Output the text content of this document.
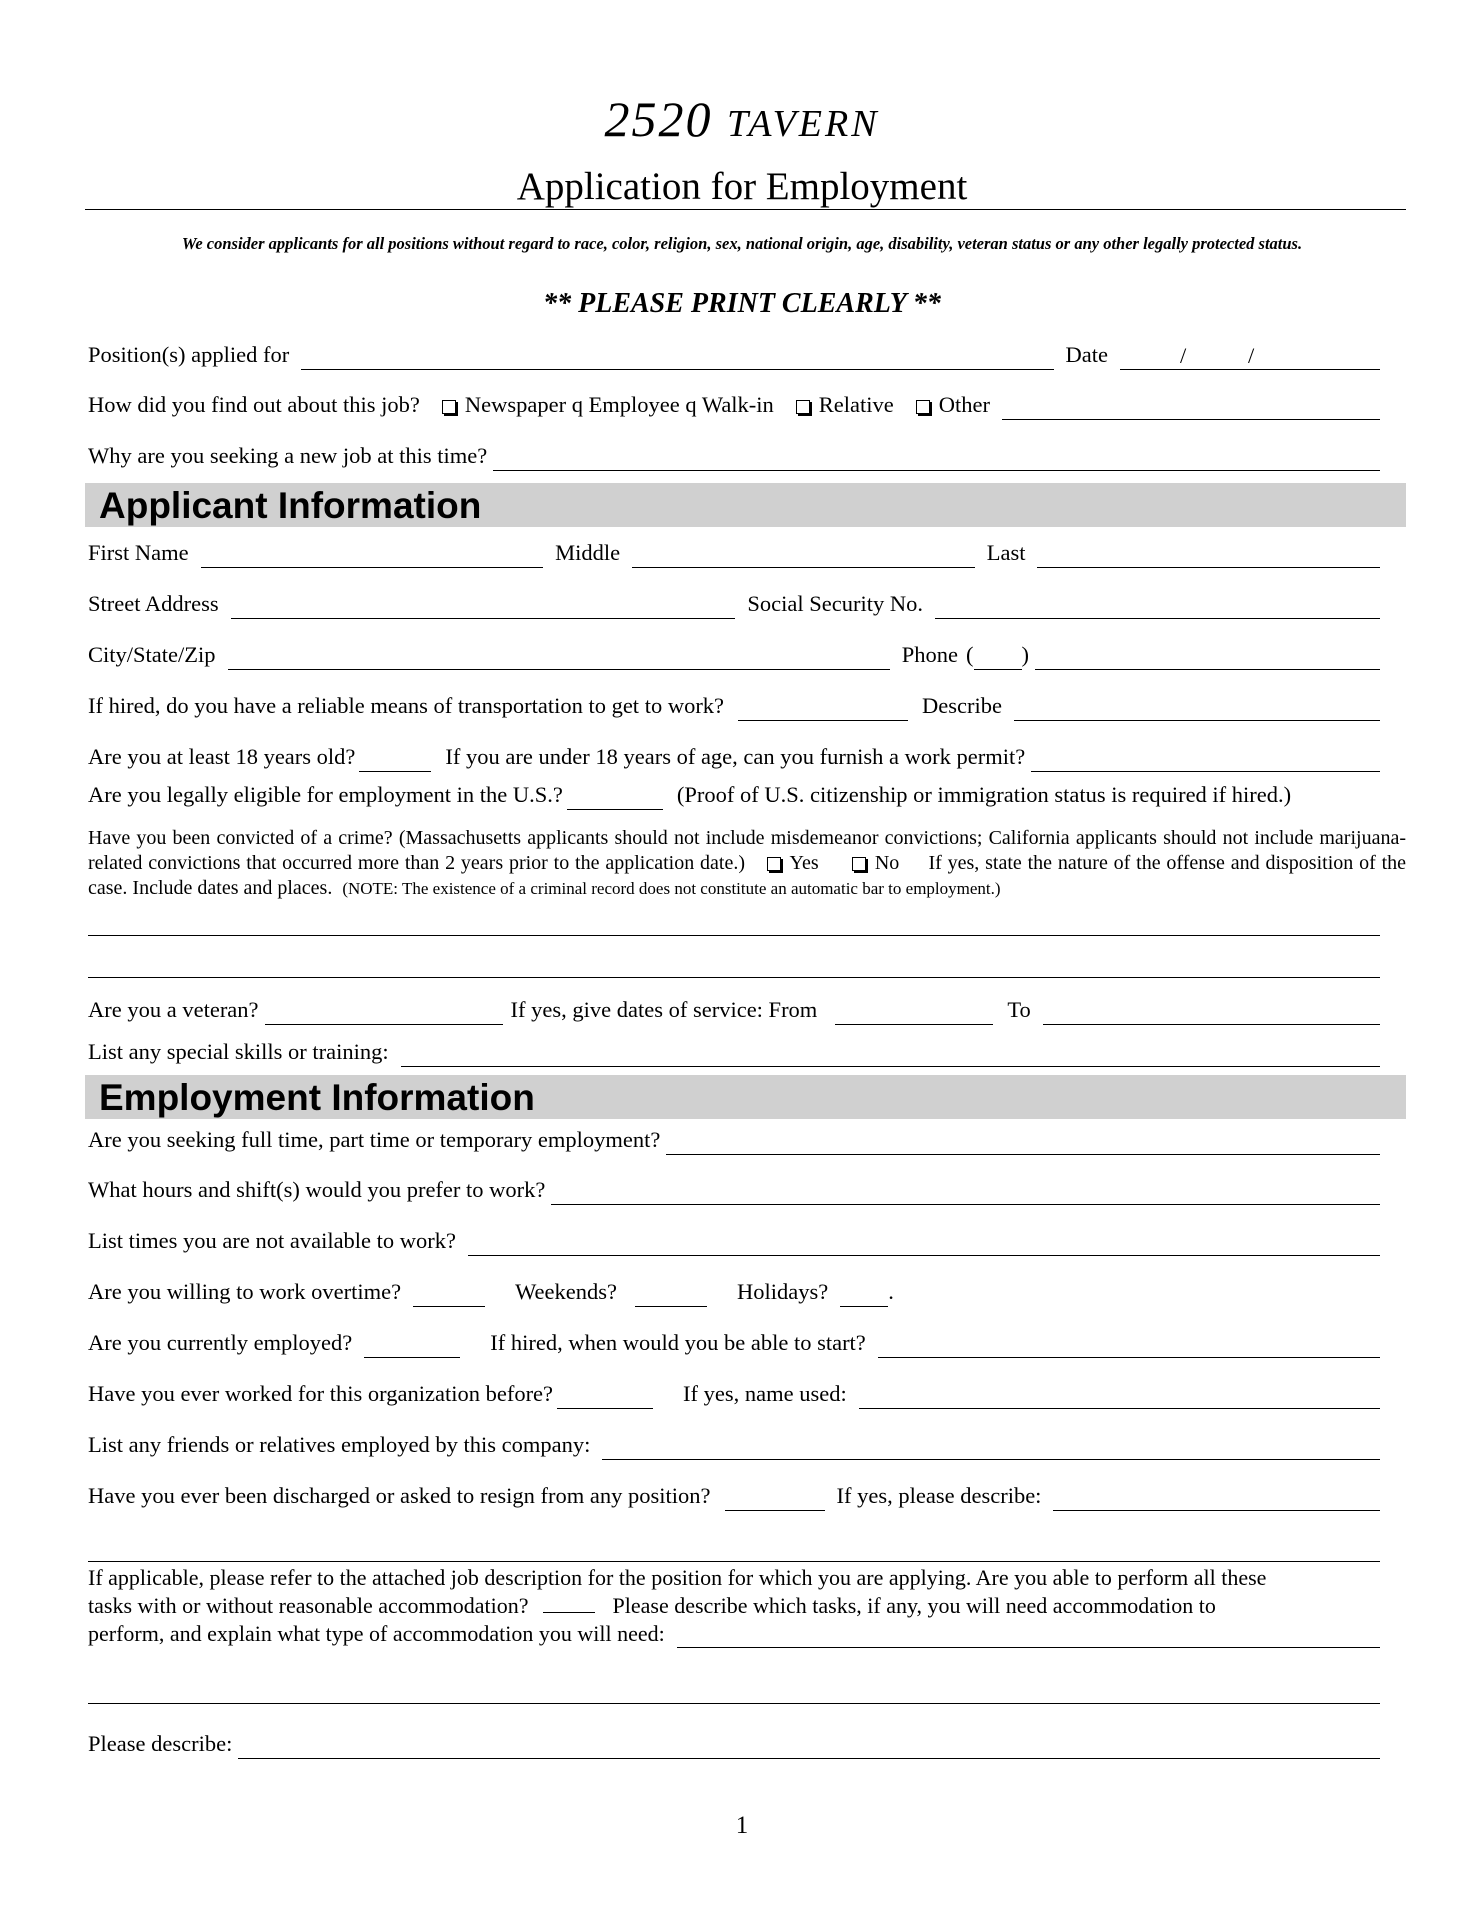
2520 TAVERN
Application for Employment
We consider applicants for all positions without regard to race, color, religion, sex, national origin, age, disability, veteran status or any other legally protected status.
** PLEASE PRINT CLEARLY **
Position(s) applied for	Date	/	/
How did you find out about this job? Newspaper q Employee q Walk-in Relative Other
Why are you seeking a new job at this time?
Applicant Information
First Name	Middle	Last
Street Address	Social Security No.
City/State/Zip	Phone ( )
If hired, do you have a reliable means of transportation to get to work?	Describe
Are you at least 18 years old?	If you are under 18 years of age, can you furnish a work permit?
Are you legally eligible for employment in the U.S.?	(Proof of U.S. citizenship or immigration status is required if hired.)
Have you been convicted of a crime? (Massachusetts applicants should not include misdemeanor convictions; California applicants should not include marijuana-related convictions that occurred more than 2 years prior to the application date.) Yes	No If yes, state the nature of the offense and disposition of the case. Include dates and places. (NOTE: The existence of a criminal record does not constitute an automatic bar to employment.)
Are you a veteran?	If yes, give dates of service: From	To
List any special skills or training:
Employment Information
Are you seeking full time, part time or temporary employment?
What hours and shift(s) would you prefer to work?
List times you are not available to work?
Are you willing to work overtime?	Weekends?	Holidays?	.
Are you currently employed?	If hired, when would you be able to start?
Have you ever worked for this organization before?	If yes, name used:
List any friends or relatives employed by this company:
Have you ever been discharged or asked to resign from any position?	If yes, please describe:
If applicable, please refer to the attached job description for the position for which you are applying. Are you able to perform all these
tasks with or without reasonable accommodation?	Please describe which tasks, if any, you will need accommodation to
perform, and explain what type of accommodation you will need:
Please describe:
1
